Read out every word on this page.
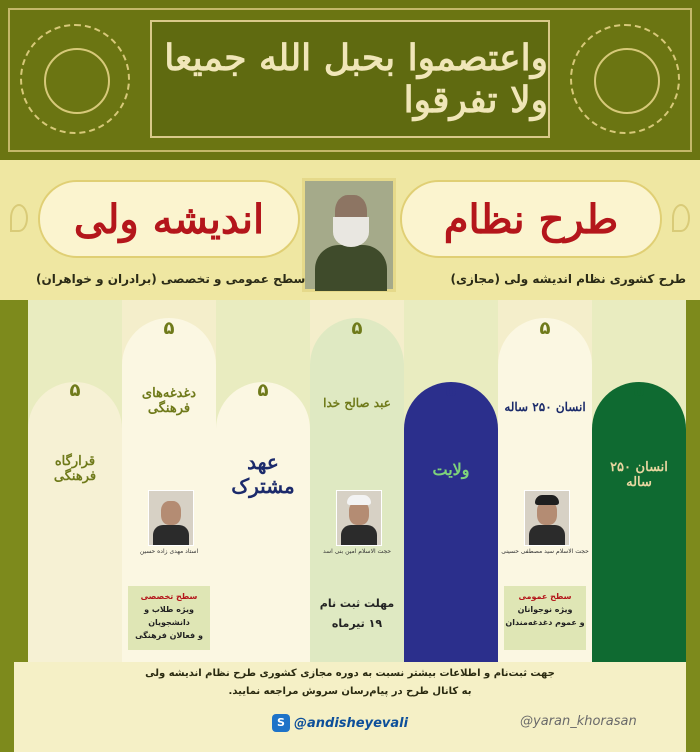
واعتصموا بحبل الله جميعا ولا تفرقوا
طرح نظام
اندیشه ولی
طرح کشوری نظام اندیشه ولی (مجازی)
سطح عمومی و تخصصی (برادران و خواهران)
۵
انسان ۲۵۰ ساله
۵
انسان ۲۵۰ ساله
حجت الاسلام سید مصطفی حسینی
سطح عمومی
ویژه نوجوانان
و عموم دغدغه‌مندان
۵
ولایت
۵
عبد صالح خدا
حجت الاسلام امین بنی اسد
مهلت ثبت نام
۱۹ تیرماه
۵
عهد مشترک
۵
دغدغه‌های فرهنگی
استاد مهدی زاده حسین
سطح تخصصی
ویژه طلاب و دانشجویان
و فعالان فرهنگی
۵
قرارگاه فرهنگی
جهت ثبت‌نام و اطلاعات بیشتر نسبت به دوره مجازی کشوری طرح نظام اندیشه ولی
به کانال طرح در پیام‌رسان سروش مراجعه نمایید.
S @andisheyevali	@yaran_khorasan
